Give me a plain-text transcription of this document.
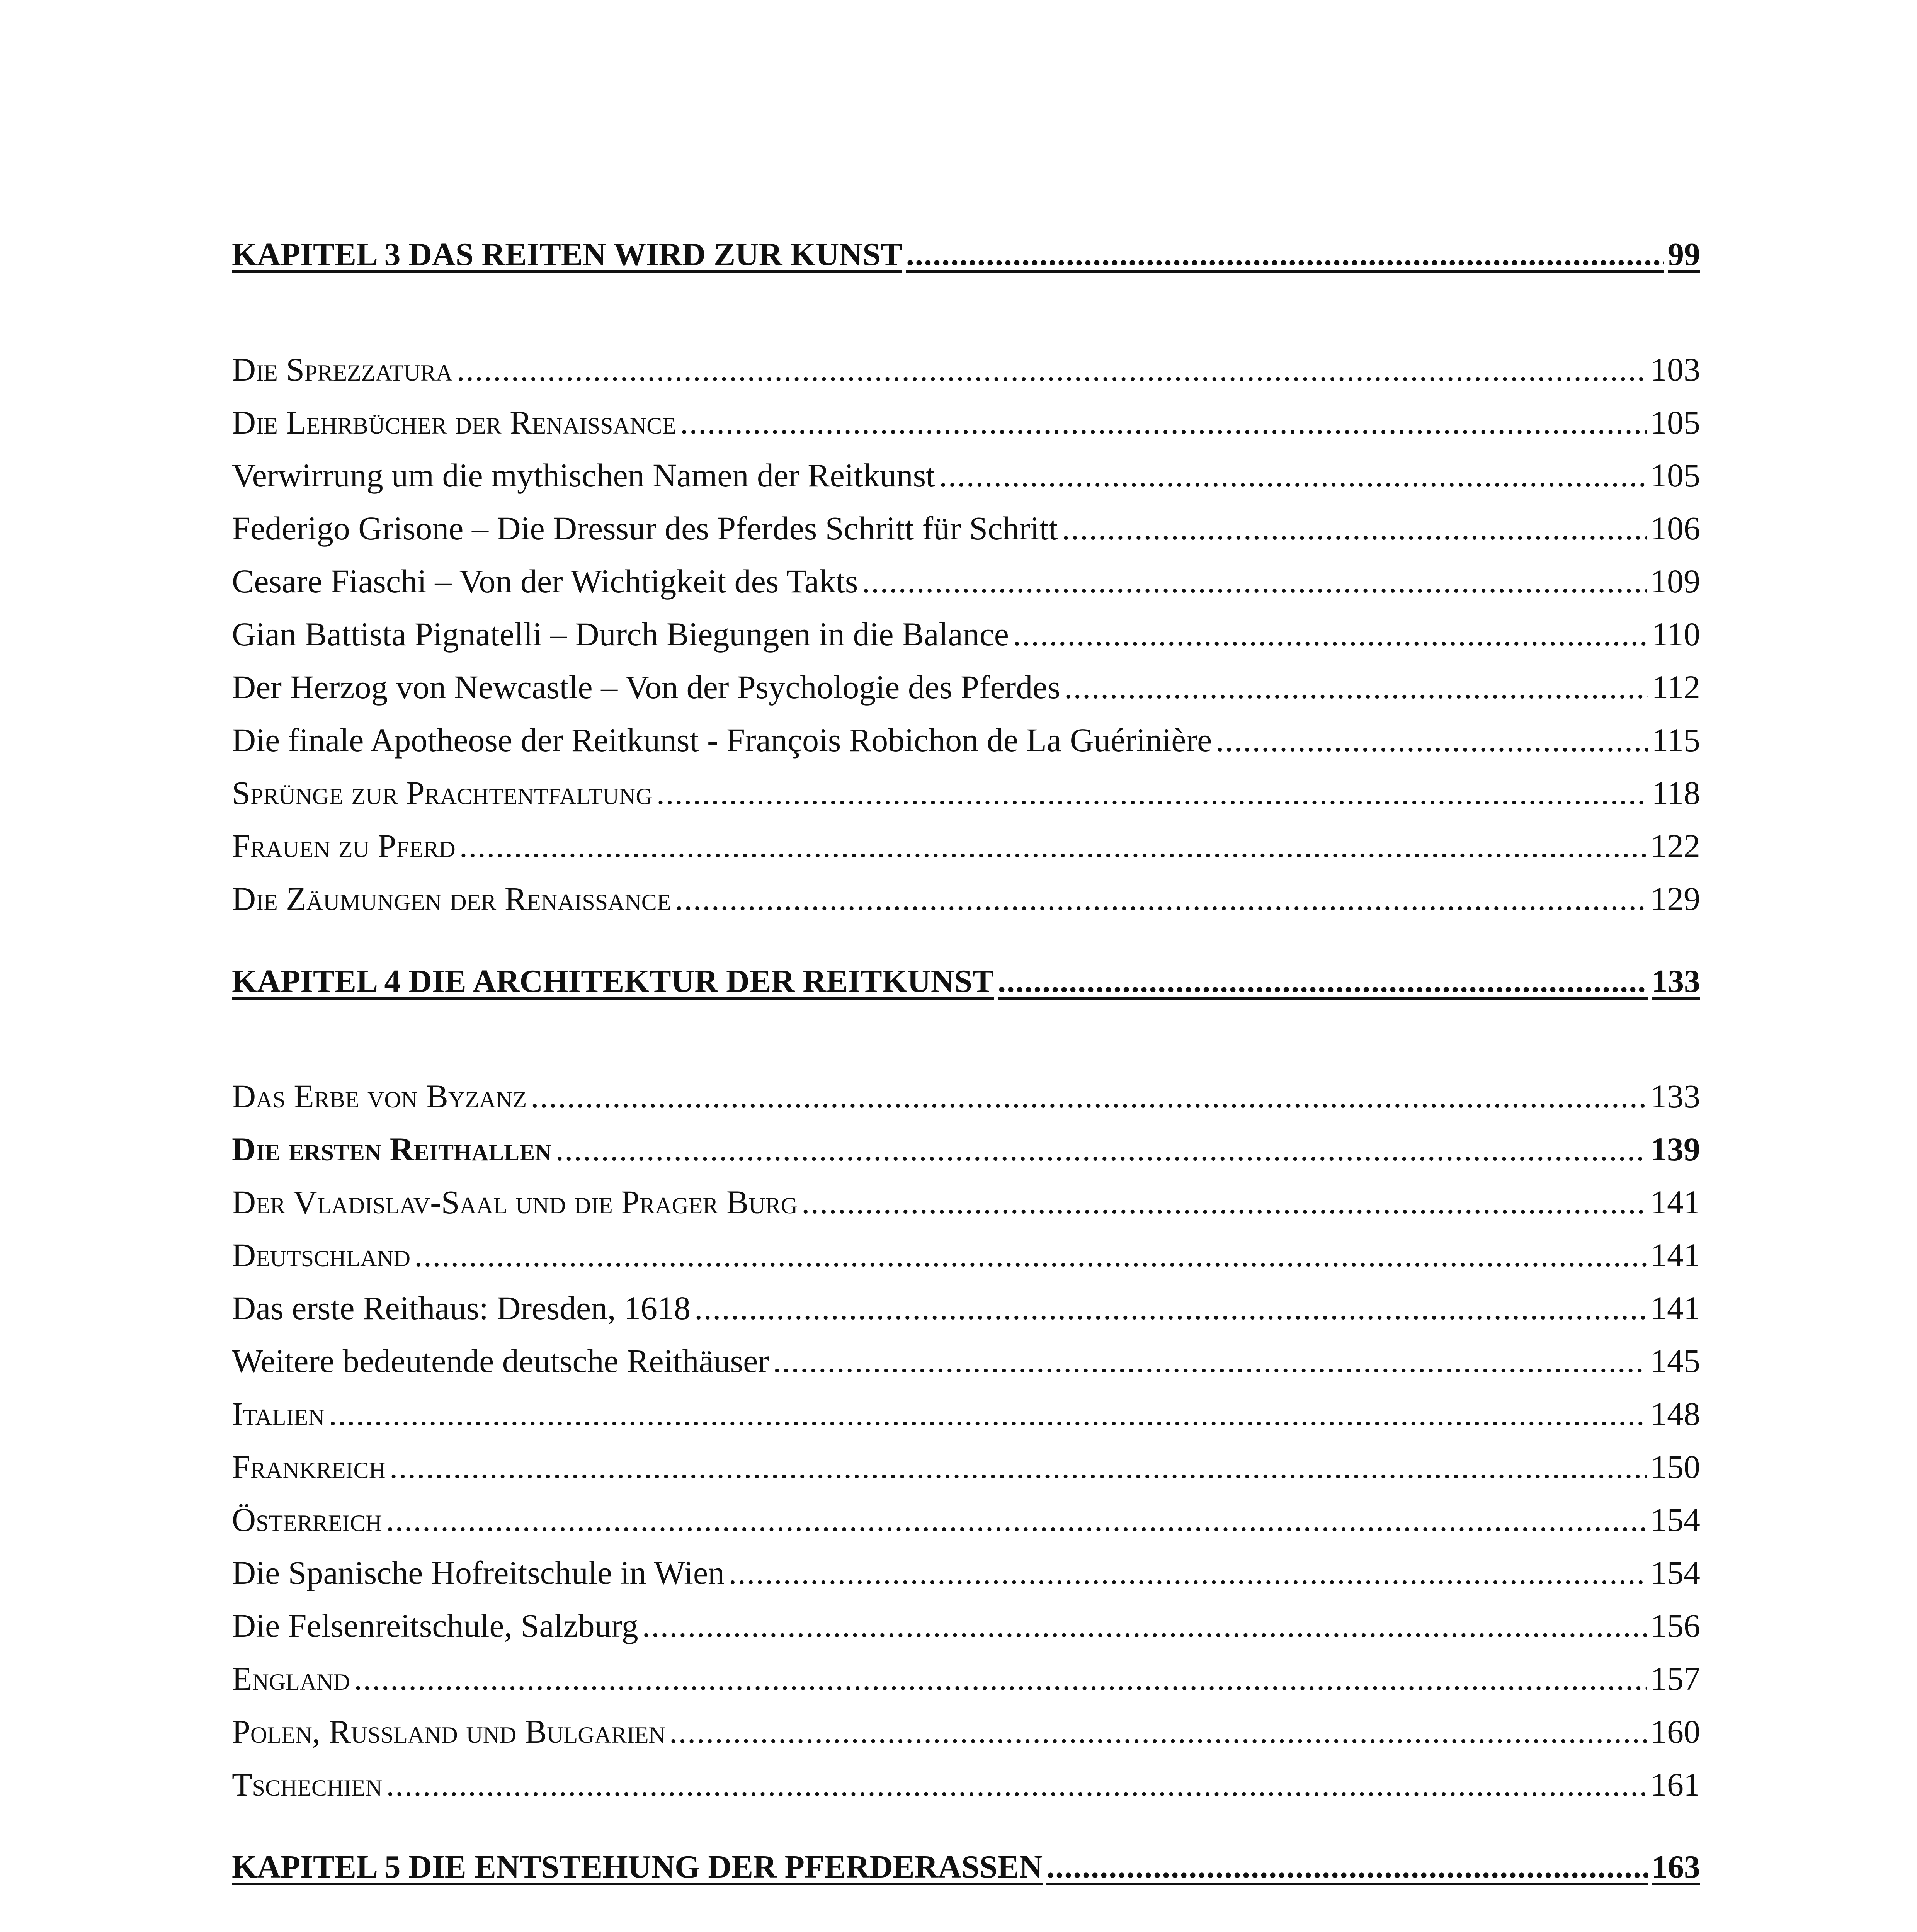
KAPITEL 3 DAS REITEN WIRD ZUR KUNST .....	99
Die Sprezzatura .....	103
Die Lehrbücher der Renaissance .....	105
Verwirrung um die mythischen Namen der Reitkunst .....	105
Federigo Grisone – Die Dressur des Pferdes Schritt für Schritt .....	106
Cesare Fiaschi – Von der Wichtigkeit des Takts .....	109
Gian Battista Pignatelli – Durch Biegungen in die Balance .....	110
Der Herzog von Newcastle – Von der Psychologie des Pferdes .....	112
Die finale Apotheose der Reitkunst - François Robichon de La Guérinière .....	115
Sprünge zur Prachtentfaltung .....	118
Frauen zu Pferd .....	122
Die Zäumungen der Renaissance .....	129
KAPITEL 4 DIE ARCHITEKTUR DER REITKUNST .....	133
Das Erbe von Byzanz .....	133
Die ersten Reithallen .....	139
Der Vladislav-Saal und die Prager Burg .....	141
Deutschland .....	141
Das erste Reithaus: Dresden, 1618 .....	141
Weitere bedeutende deutsche Reithäuser .....	145
Italien .....	148
Frankreich .....	150
Österreich .....	154
Die Spanische Hofreitschule in Wien .....	154
Die Felsenreitschule, Salzburg .....	156
England .....	157
Polen, Russland und Bulgarien .....	160
Tschechien .....	161
KAPITEL 5 DIE ENTSTEHUNG DER PFERDERASSEN .....	163
